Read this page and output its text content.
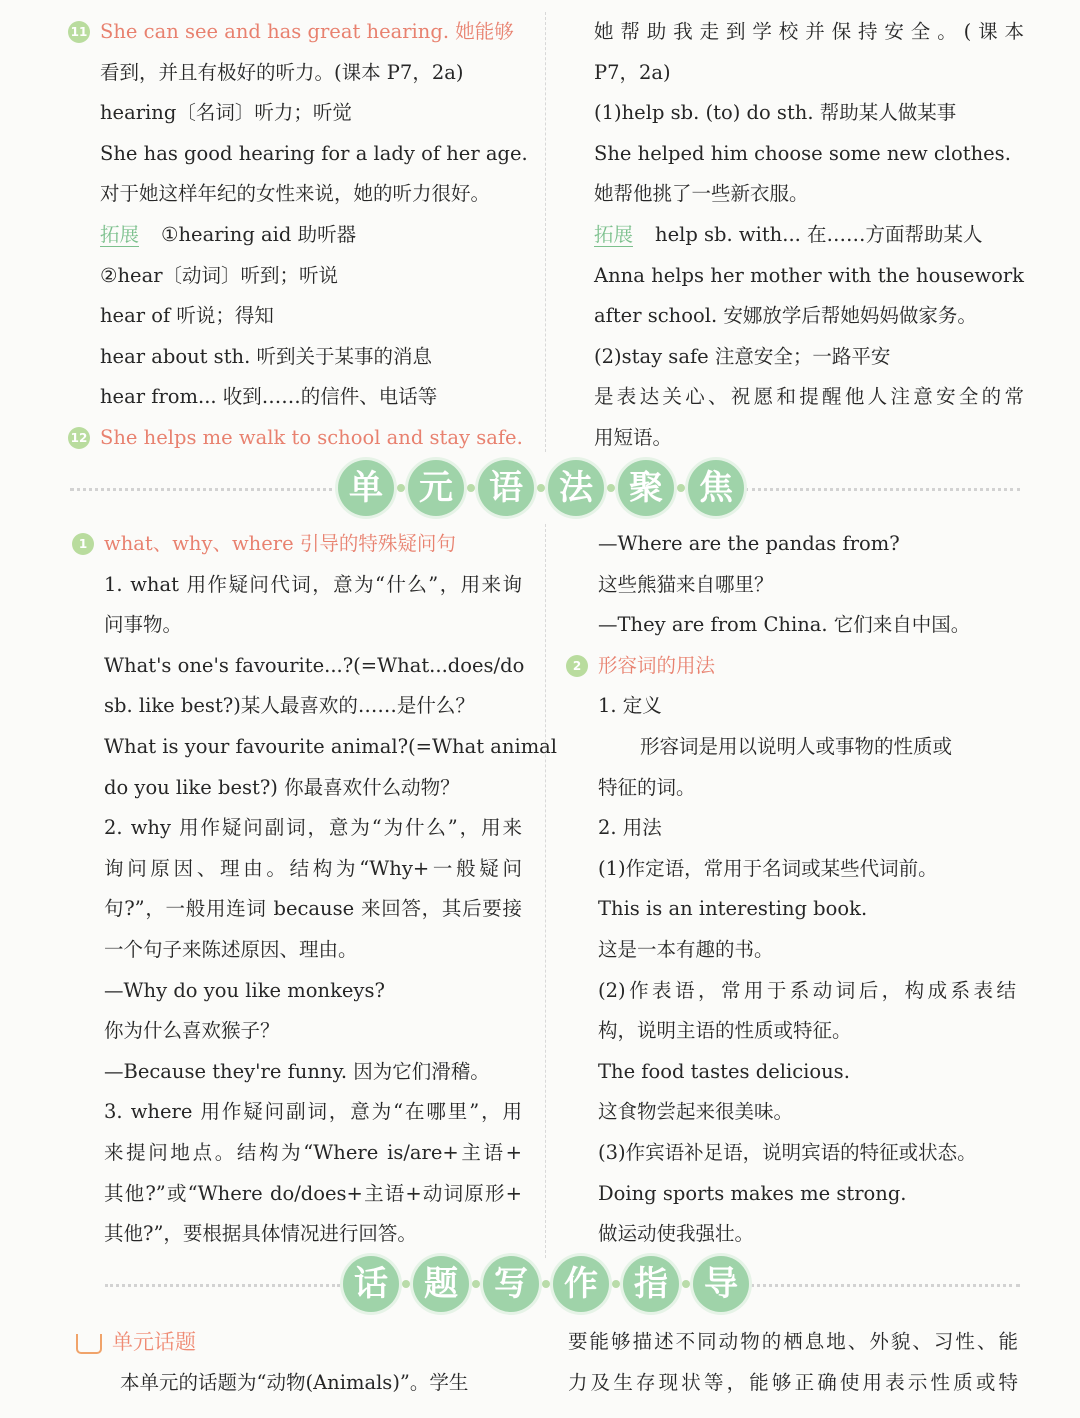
11 She can see and has great hearing. 她能够
看到，并且有极好的听力。(课本 P7，2a)
hearing〔名词〕听力；听觉
She has good hearing for a lady of her age.
对于她这样年纪的女性来说，她的听力很好。
拓展 ①hearing aid 助听器
②hear〔动词〕听到；听说
hear of 听说；得知
hear about sth. 听到关于某事的消息
hear from... 收到……的信件、电话等
12 She helps me walk to school and stay safe.
她帮助我走到学校并保持安全。(课本
P7，2a)
(1)help sb. (to) do sth. 帮助某人做某事
She helped him choose some new clothes.
她帮他挑了一些新衣服。
拓展 help sb. with... 在……方面帮助某人
Anna helps her mother with the housework
after school. 安娜放学后帮她妈妈做家务。
(2)stay safe 注意安全；一路平安
是表达关心、祝愿和提醒他人注意安全的常
用短语。
单	元	语	法	聚	焦
1 what、why、where 引导的特殊疑问句
1. what 用作疑问代词，意为“什么”，用来询
问事物。
What's one's favourite...?(=What...does/do
sb. like best?)某人最喜欢的……是什么？
What is your favourite animal?(=What animal
do you like best?) 你最喜欢什么动物？
2. why 用作疑问副词，意为“为什么”，用来
询问原因、理由。结构为“Why+一般疑问
句?”，一般用连词 because 来回答，其后要接
一个句子来陈述原因、理由。
—Why do you like monkeys?
你为什么喜欢猴子？
—Because they're funny. 因为它们滑稽。
3. where 用作疑问副词，意为“在哪里”，用
来提问地点。结构为“Where is/are+主语+
其他?”或“Where do/does+主语+动词原形+
其他?”，要根据具体情况进行回答。
—Where are the pandas from?
这些熊猫来自哪里？
—They are from China. 它们来自中国。
2 形容词的用法
1. 定义
形容词是用以说明人或事物的性质或
特征的词。
2. 用法
(1)作定语，常用于名词或某些代词前。
This is an interesting book.
这是一本有趣的书。
(2)作表语，常用于系动词后，构成系表结
构，说明主语的性质或特征。
The food tastes delicious.
这食物尝起来很美味。
(3)作宾语补足语，说明宾语的特征或状态。
Doing sports makes me strong.
做运动使我强壮。
话	题	写	作	指	导
单元话题
本单元的话题为“动物(Animals)”。学生
要能够描述不同动物的栖息地、外貌、习性、能
力及生存现状等，能够正确使用表示性质或特
